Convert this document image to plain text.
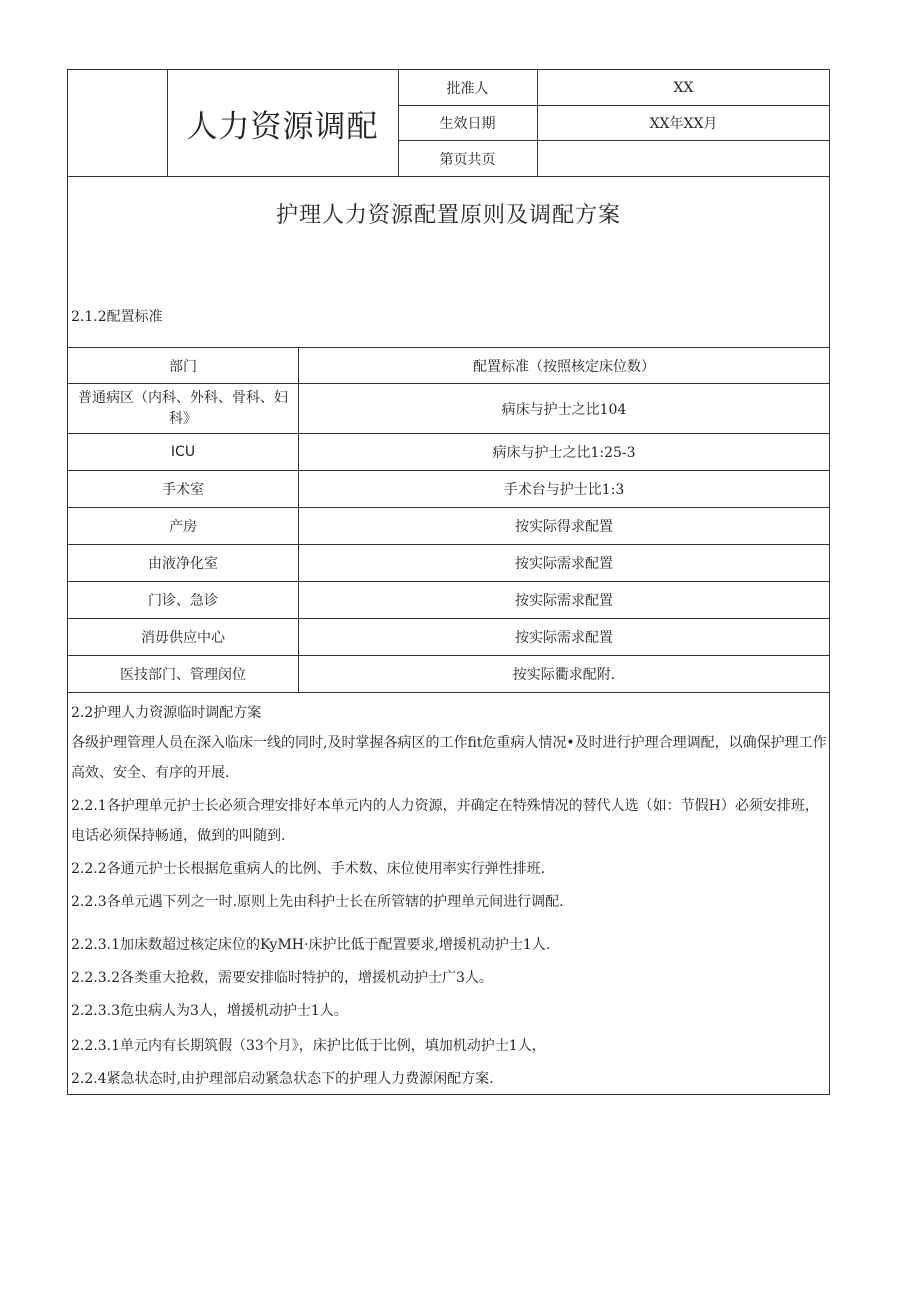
人力资源调配
批准人	XX
生效日期	XX年XX月
第页共页
护理人力资源配置原则及调配方案
2.1.2配置标准
部门	配置标准（按照核定床位数）
普通病区（内科、外科、骨科、妇科》	病床与护士之比104
ICU	病床与护士之比1:25-3
手术室	手术台与护士比1:3
产房	按实际得求配置
由液净化室	按实际需求配置
门诊、急诊	按实际需求配置
消毋供应中心	按实际需求配置
医技部门、管理闵位	按实际衢求配附.

2.2护理人力资源临时调配方案
各级护理管理人员在深入临床一线的同时,及时掌握各病区的工作fit危重病人情况•及时进行护理合理调配，以确保护理工作高效、安全、有序的开展.
2.2.1各护理单元护士长必须合理安排好本单元内的人力资源，并确定在特殊情况的替代人选（如：节假H）必须安排班，电话必须保持畅通，做到的叫随到.
2.2.2各通元护士长根据危重病人的比例、手术数、床位使用率实行弹性排班.
2.2.3各单元遇下列之一时.原则上先由科护士长在所管辖的护理单元间进行调配.
2.2.3.1加床数超过核定床位的KyMH·床护比低于配置要求,增援机动护士1人.
2.2.3.2各类重大抢救，需要安排临时特护的，增援机动护士广3人。
2.2.3.3危虫病人为3人，增援机动护士1人。
2.2.3.1单元内有长期筑假（33个月》，床护比低于比例，填加机动护士1人，
2.2.4紧急状态时,由护理部启动紧急状态下的护理人力费源闲配方案.
